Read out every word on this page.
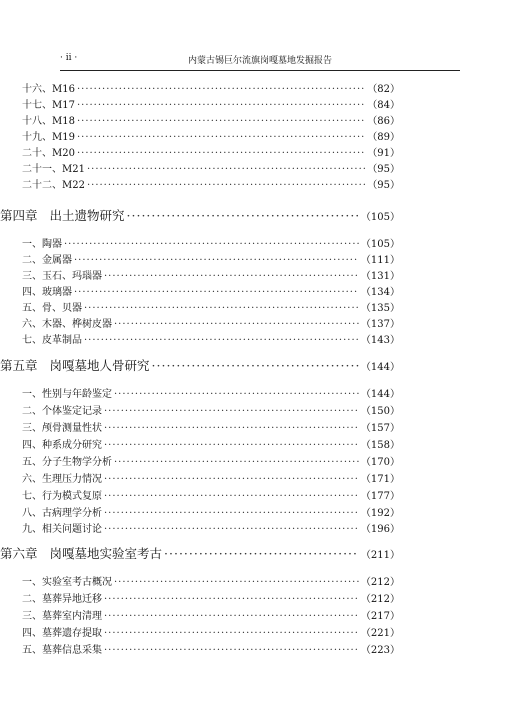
· ii ·	内蒙古锡巨尔流旗岗嘎墓地发掘报告
十六、M16 ·····	（82）
十七、M17 ·····	（84）
十八、M18 ·····	（86）
十九、M19 ·····	（89）
二十、M20 ·····	（91）
二十一、M21 ·····	（95）
二十二、M22 ·····	（95）
第四章 出土遗物研究 ·····	（105）
一、陶器 ·····	（105）
二、金属器 ·····	（111）
三、玉石、玛瑙器 ·····	（131）
四、玻璃器 ·····	（134）
五、骨、贝器 ·····	（135）
六、木器、桦树皮器 ·····	（137）
七、皮革制品 ·····	（143）
第五章 岗嘎墓地人骨研究 ·····	（144）
一、性别与年龄鉴定 ·····	（144）
二、个体鉴定记录 ·····	（150）
三、颅骨测量性状 ·····	（157）
四、种系成分研究 ·····	（158）
五、分子生物学分析 ·····	（170）
六、生理压力情况 ·····	（171）
七、行为模式复原 ·····	（177）
八、古病理学分析 ·····	（192）
九、相关问题讨论 ·····	（196）
第六章 岗嘎墓地实验室考古 ·····	（211）
一、实验室考古概况 ·····	（212）
二、墓葬异地迁移 ·····	（212）
三、墓葬室内清理 ·····	（217）
四、墓葬遗存提取 ·····	（221）
五、墓葬信息采集 ·····	（223）
